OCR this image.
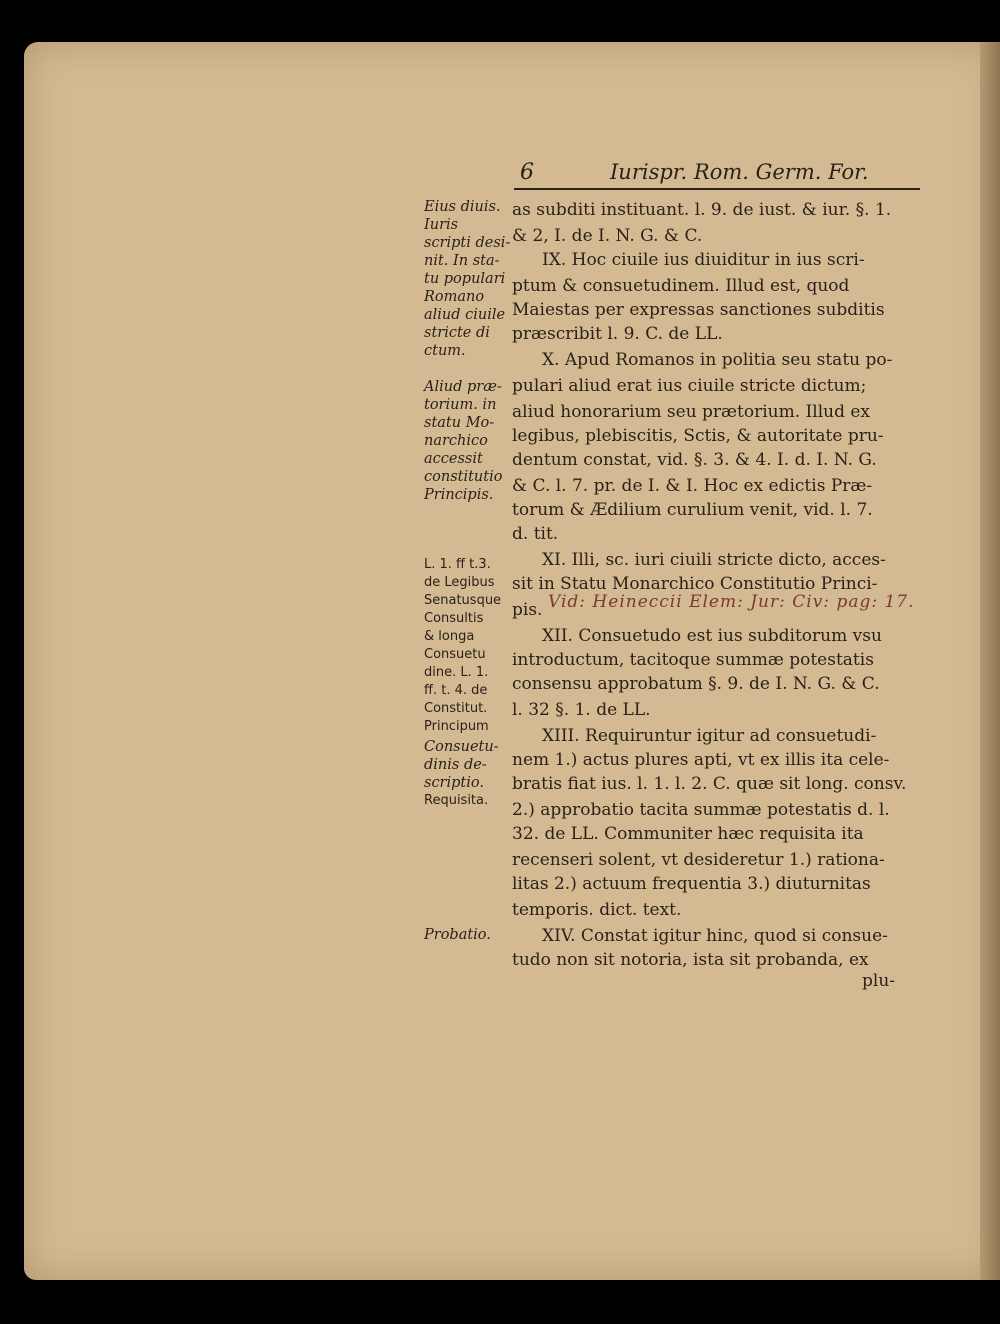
6	Iurispr. Rom. Germ. For.
Eius diuis.
Iuris
scripti desi-
nit. In sta-
tu populari
Romano
aliud ciuile
stricte di
ctum.
Aliud præ-
torium. in
statu Mo-
narchico
accessit
constitutio
Principis.
L. 1. ff t.3.
de Legibus
Senatusque
Consultis
& longa
Consuetu
dine. L. 1.
ff. t. 4. de
Constitut.
Principum
Consuetu-
dinis de-
scriptio.
Requisita.
Probatio.
as subditi instituant. l. 9. de iust. & iur. §. 1.
& 2, I. de I. N. G. & C.
IX. Hoc ciuile ius diuiditur in ius scri-
ptum & consuetudinem. Illud est, quod
Maiestas per expressas sanctiones subditis
præscribit l. 9. C. de LL.
X. Apud Romanos in politia seu statu po-
pulari aliud erat ius ciuile stricte dictum;
aliud honorarium seu prætorium. Illud ex
legibus, plebiscitis, Sctis, & autoritate pru-
dentum constat, vid. §. 3. & 4. I. d. I. N. G.
& C. l. 7. pr. de I. & I. Hoc ex edictis Præ-
torum & Ædilium curulium venit, vid. l. 7.
d. tit.
XI. Illi, sc. iuri ciuili stricte dicto, acces-
sit in Statu Monarchico Constitutio Princi-
pis.
XII. Consuetudo est ius subditorum vsu
introductum, tacitoque summæ potestatis
consensu approbatum §. 9. de I. N. G. & C.
l. 32 §. 1. de LL.
XIII. Requiruntur igitur ad consuetudi-
nem 1.) actus plures apti, vt ex illis ita cele-
bratis fiat ius. l. 1. l. 2. C. quæ sit long. consv.
2.) approbatio tacita summæ potestatis d. l.
32. de LL. Communiter hæc requisita ita
recenseri solent, vt desideretur 1.) rationa-
litas 2.) actuum frequentia 3.) diuturnitas
temporis. dict. text.
XIV. Constat igitur hinc, quod si consue-
tudo non sit notoria, ista sit probanda, ex
Vid: Heineccii Elem: Jur: Civ: pag: 17.
plu-
